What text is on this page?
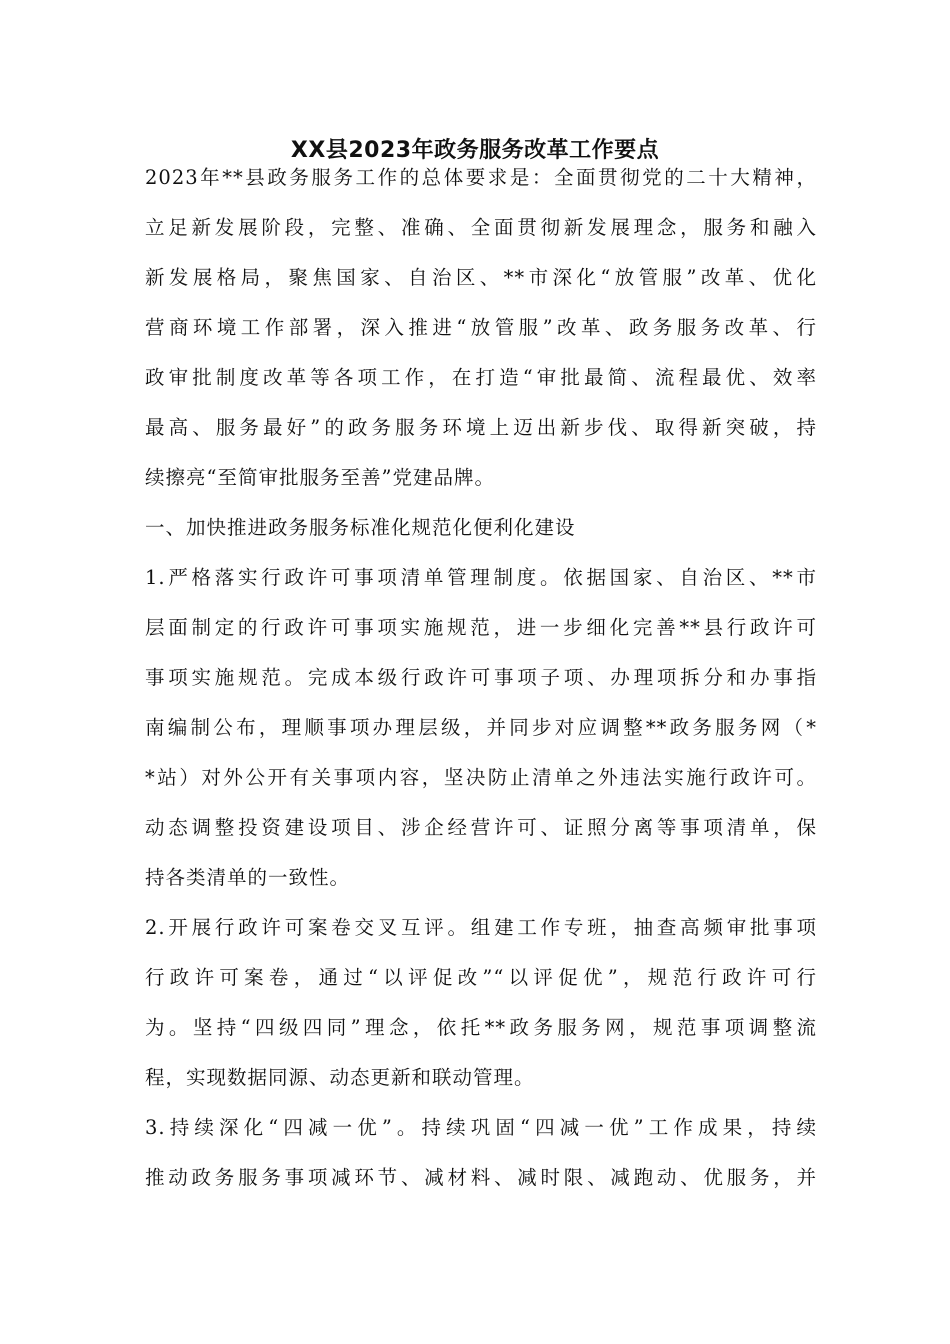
XX县2023年政务服务改革工作要点
2023年**县政务服务工作的总体要求是：全面贯彻党的二十大精神，
立足新发展阶段，完整、准确、全面贯彻新发展理念，服务和融入
新发展格局，聚焦国家、自治区、**市深化“放管服”改革、优化
营商环境工作部署，深入推进“放管服”改革、政务服务改革、行
政审批制度改革等各项工作，在打造“审批最简、流程最优、效率
最高、服务最好”的政务服务环境上迈出新步伐、取得新突破，持
续擦亮“至简审批服务至善”党建品牌。
一、加快推进政务服务标准化规范化便利化建设
1.严格落实行政许可事项清单管理制度。依据国家、自治区、**市
层面制定的行政许可事项实施规范，进一步细化完善**县行政许可
事项实施规范。完成本级行政许可事项子项、办理项拆分和办事指
南编制公布，理顺事项办理层级，并同步对应调整**政务服务网（*
*站）对外公开有关事项内容，坚决防止清单之外违法实施行政许可。
动态调整投资建设项目、涉企经营许可、证照分离等事项清单，保
持各类清单的一致性。
2.开展行政许可案卷交叉互评。组建工作专班，抽查高频审批事项
行政许可案卷，通过“以评促改”“以评促优”，规范行政许可行
为。坚持“四级四同”理念，依托**政务服务网，规范事项调整流
程，实现数据同源、动态更新和联动管理。
3.持续深化“四减一优”。持续巩固“四减一优”工作成果，持续
推动政务服务事项减环节、减材料、减时限、减跑动、优服务，并
